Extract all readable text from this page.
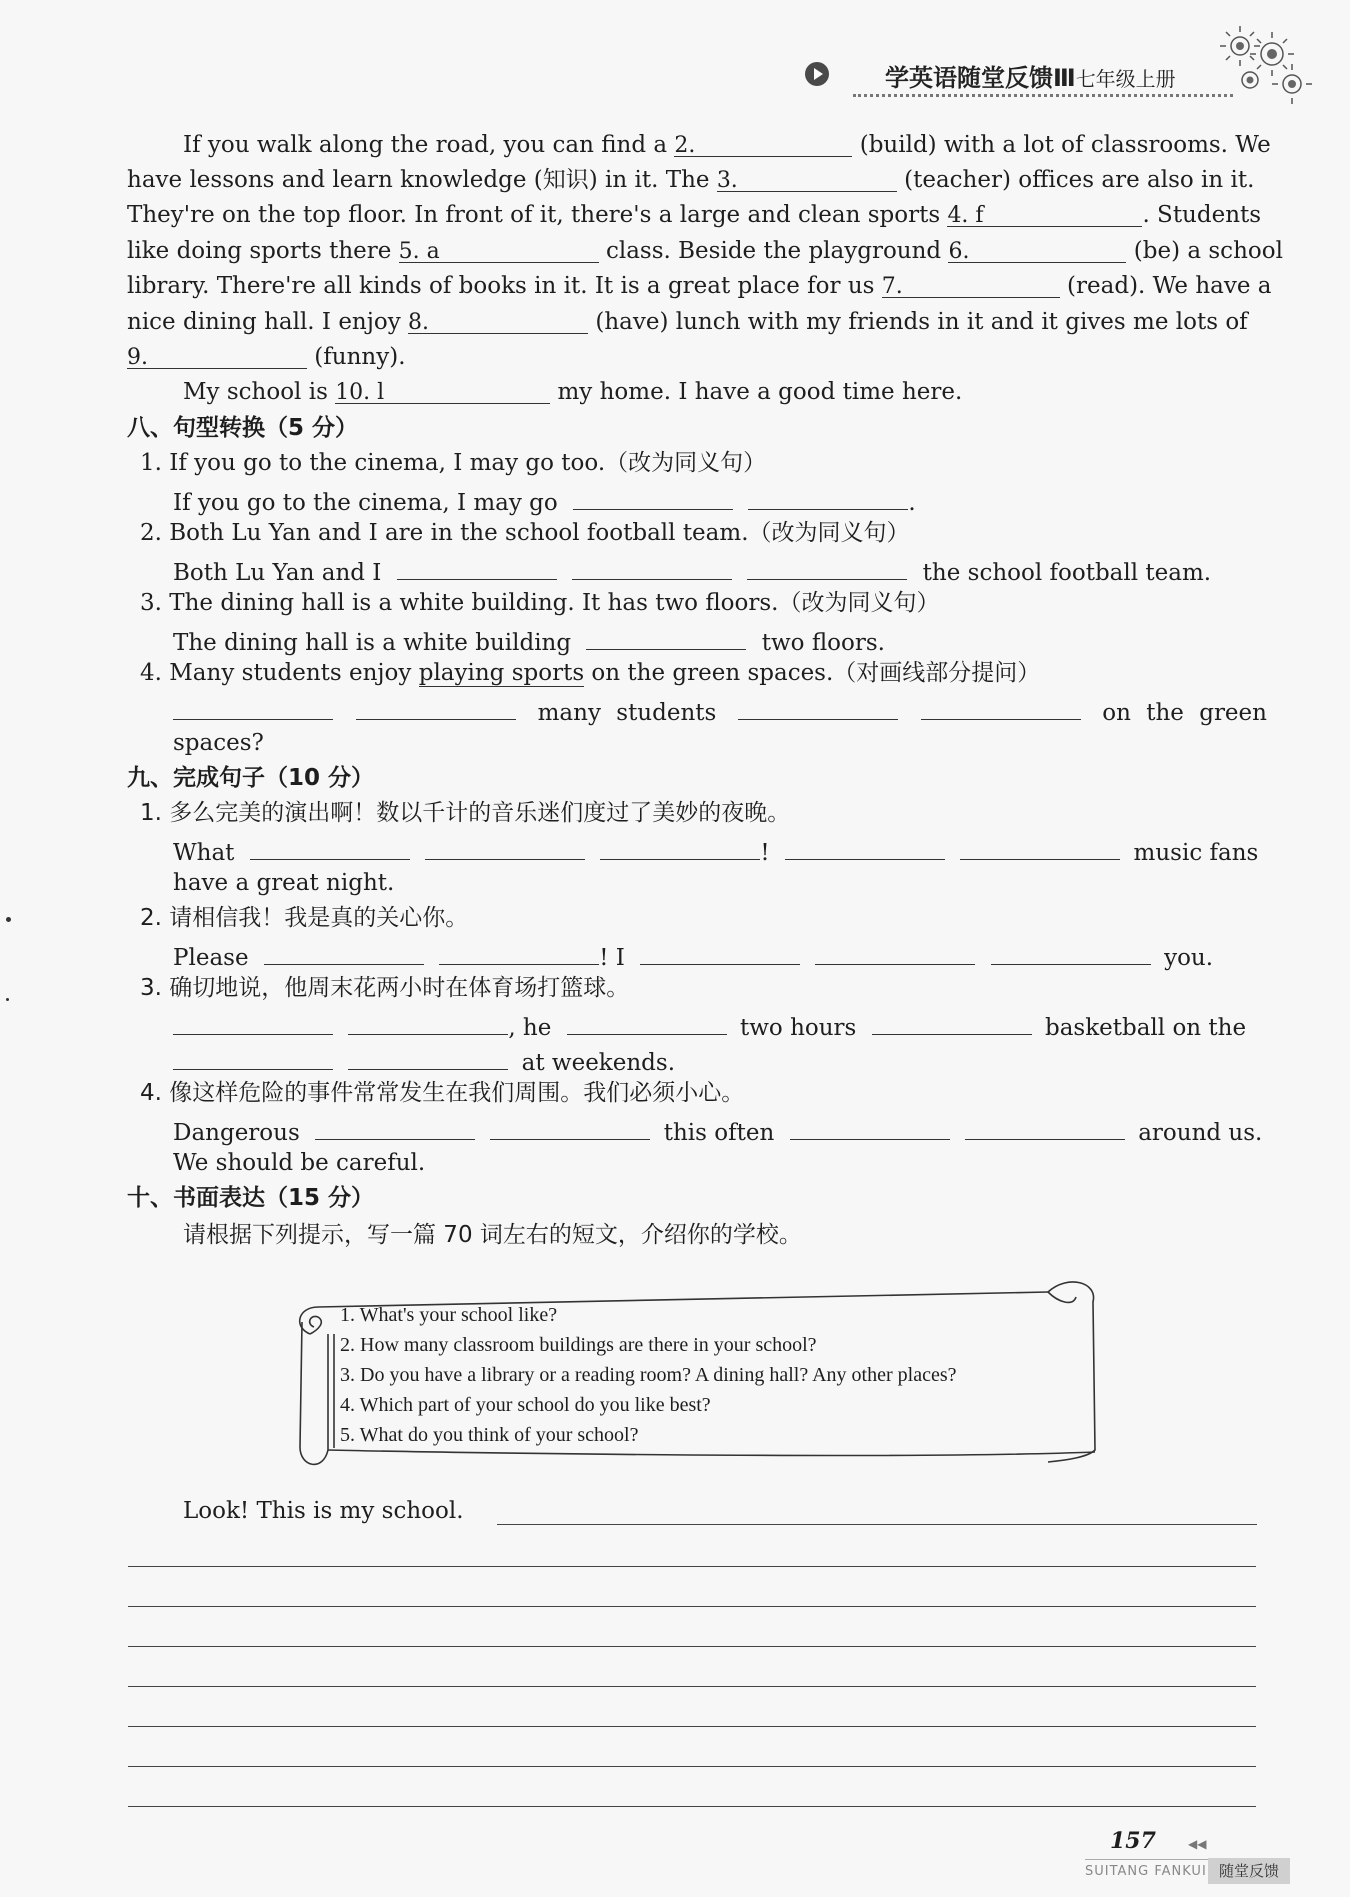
学英语随堂反馈Ⅲ七年级上册
If you walk along the road, you can find a 2.	(build) with a lot of classrooms. We
have lessons and learn knowledge (知识) in it. The 3.	(teacher) offices are also in it.
They're on the top floor. In front of it, there's a large and clean sports 4. f	. Students
like doing sports there 5. a	class. Beside the playground 6.	(be) a school
library. There're all kinds of books in it. It is a great place for us 7.	(read). We have a
nice dining hall. I enjoy 8.	(have) lunch with my friends in it and it gives me lots of
9.	(funny).
My school is 10. l	my home. I have a good time here.
八、句型转换（5 分）
1. If you go to the cinema, I may go too.（改为同义句）
If you go to the cinema, I may go	.
2. Both Lu Yan and I are in the school football team.（改为同义句）
Both Lu Yan and I	the school football team.
3. The dining hall is a white building. It has two floors.（改为同义句）
The dining hall is a white building	two floors.
4. Many students enjoy playing sports on the green spaces.（对画线部分提问）
many students	on the green
spaces?
九、完成句子（10 分）
1. 多么完美的演出啊！数以千计的音乐迷们度过了美妙的夜晚。
What	!	music fans
have a great night.
2. 请相信我！我是真的关心你。
Please	! I	you.
3. 确切地说，他周末花两小时在体育场打篮球。
, he	two hours	basketball on the
at weekends.
4. 像这样危险的事件常常发生在我们周围。我们必须小心。
Dangerous	this often	around us.
We should be careful.
十、书面表达（15 分）
请根据下列提示，写一篇 70 词左右的短文，介绍你的学校。
1. What's your school like?
2. How many classroom buildings are there in your school?
3. Do you have a library or a reading room? A dining hall? Any other places?
4. Which part of your school do you like best?
5. What do you think of your school?
Look! This is my school.
157	◀◀
SUITANG FANKUI 随堂反馈
